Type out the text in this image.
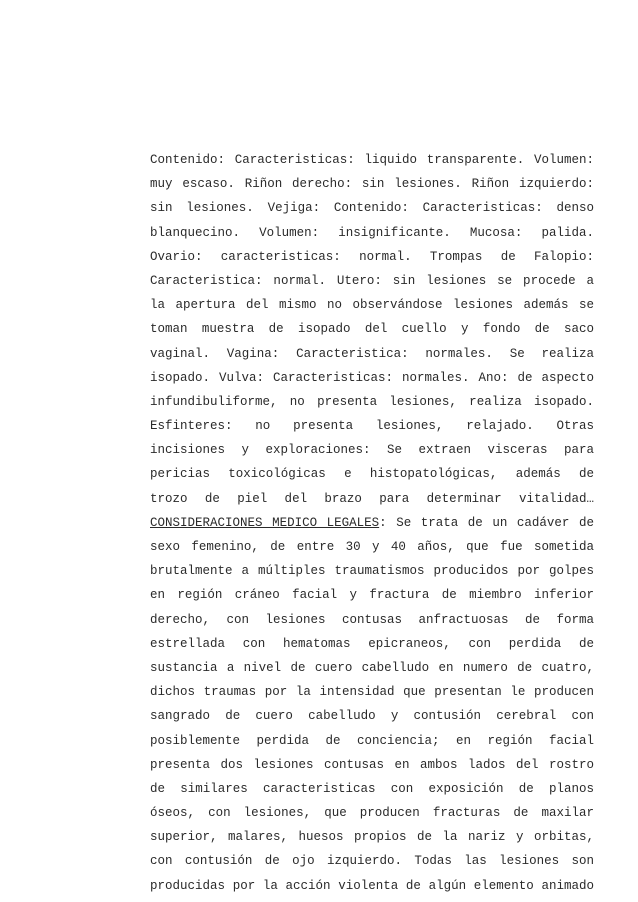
Contenido: Caracteristicas: liquido transparente. Volumen:
muy escaso. Riñon derecho: sin lesiones. Riñon izquierdo:
sin lesiones. Vejiga: Contenido: Caracteristicas: denso
blanquecino. Volumen: insignificante. Mucosa: palida.
Ovario: caracteristicas: normal. Trompas de Falopio:
Caracteristica: normal. Utero: sin lesiones se procede a
la apertura del mismo no observándose lesiones además se
toman muestra de isopado del cuello y fondo de saco
vaginal. Vagina: Caracteristica: normales. Se realiza
isopado. Vulva: Caracteristicas: normales. Ano: de aspecto
infundibuliforme, no presenta lesiones, realiza isopado.
Esfinteres: no presenta lesiones, relajado. Otras
incisiones y exploraciones: Se extraen visceras para
pericias toxicológicas e histopatológicas, además de
trozo de piel del brazo para determinar vitalidad…
CONSIDERACIONES MEDICO LEGALES: Se trata de un cadáver de
sexo femenino, de entre 30 y 40 años, que fue sometida
brutalmente a múltiples traumatismos producidos por golpes
en región cráneo facial y fractura de miembro inferior
derecho, con lesiones contusas anfractuosas de forma
estrellada con hematomas epicraneos, con perdida de
sustancia a nivel de cuero cabelludo en numero de cuatro,
dichos traumas por la intensidad que presentan le producen
sangrado de cuero cabelludo y contusión cerebral con
posiblemente perdida de conciencia; en región facial
presenta dos lesiones contusas en ambos lados del rostro
de similares caracteristicas con exposición de planos
óseos, con lesiones, que producen fracturas de maxilar
superior, malares, huesos propios de la nariz y orbitas,
con contusión de ojo izquierdo. Todas las lesiones son
producidas por la acción violenta de algún elemento animado
